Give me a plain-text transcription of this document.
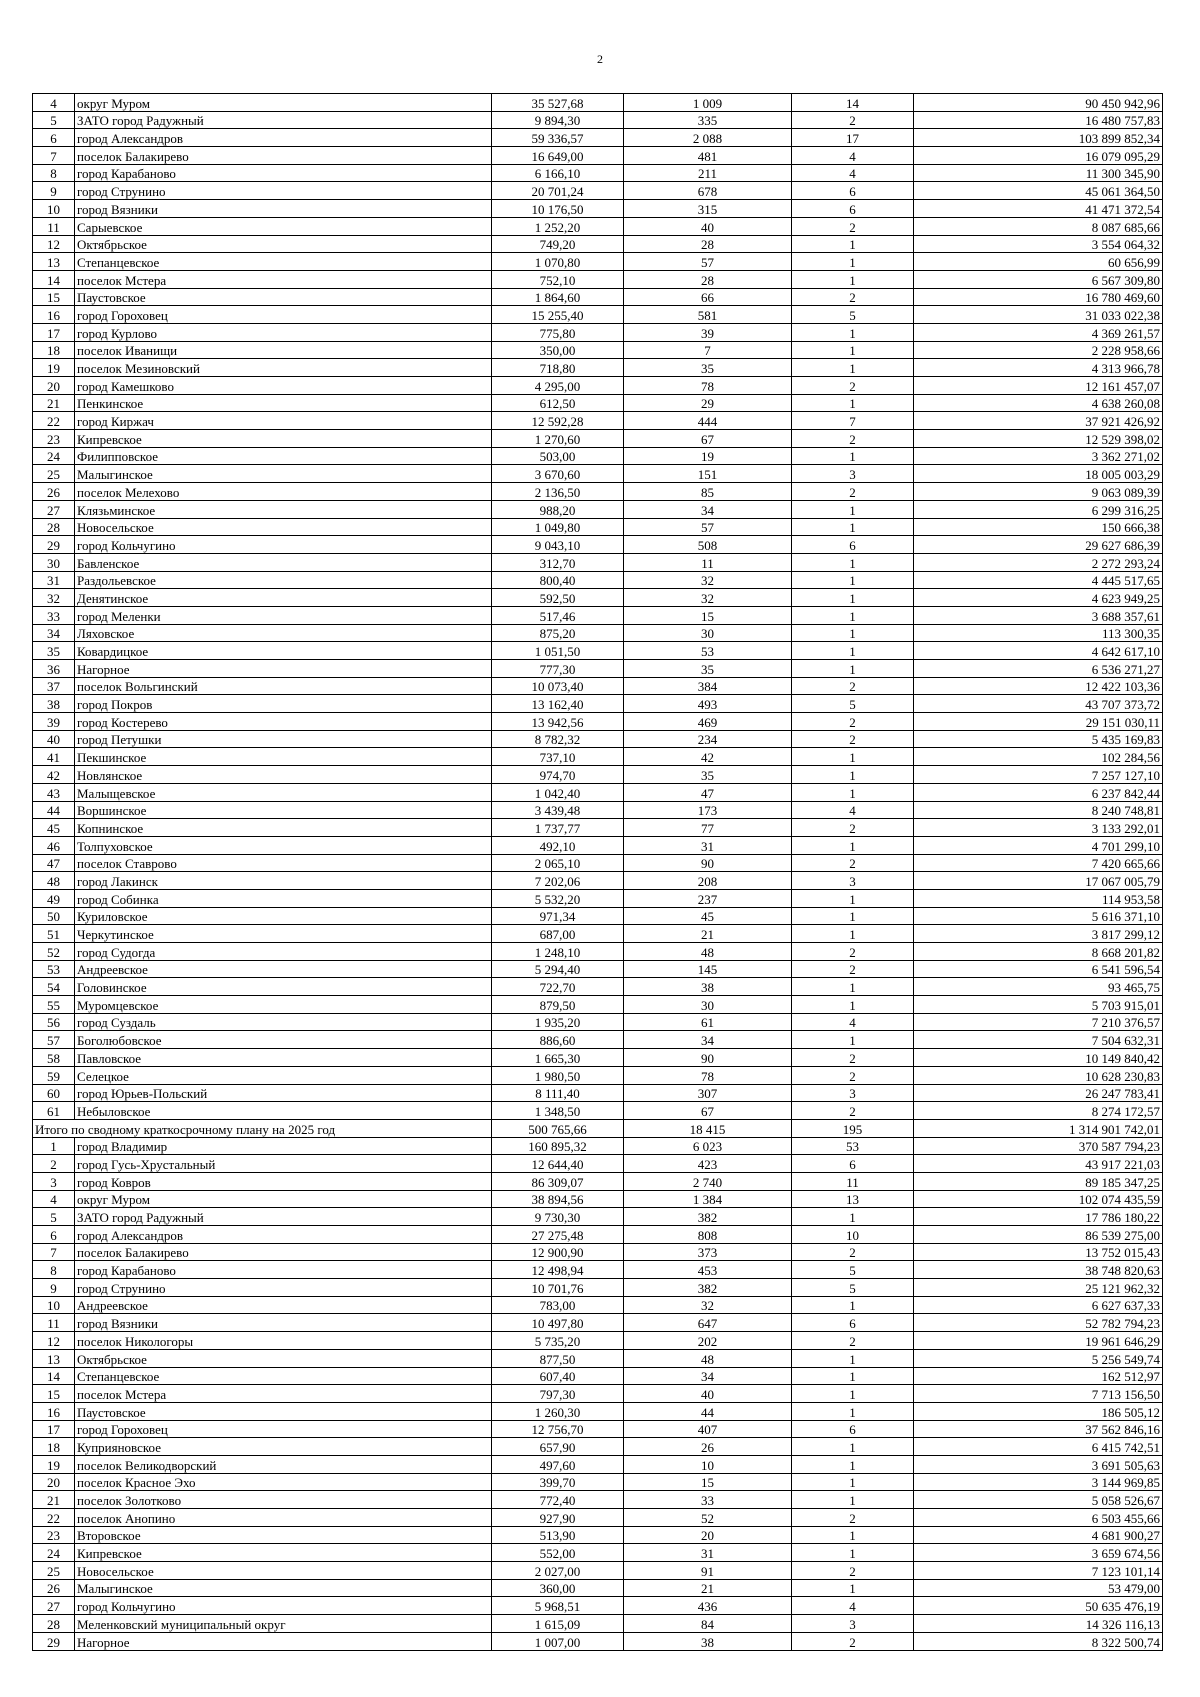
2
4	округ Муром	35 527,68	1 009	14	90 450 942,96
5	ЗАТО город Радужный	9 894,30	335	2	16 480 757,83
6	город Александров	59 336,57	2 088	17	103 899 852,34
7	поселок Балакирево	16 649,00	481	4	16 079 095,29
8	город Карабаново	6 166,10	211	4	11 300 345,90
9	город Струнино	20 701,24	678	6	45 061 364,50
10	город Вязники	10 176,50	315	6	41 471 372,54
11	Сарыевское	1 252,20	40	2	8 087 685,66
12	Октябрьское	749,20	28	1	3 554 064,32
13	Степанцевское	1 070,80	57	1	60 656,99
14	поселок Мстера	752,10	28	1	6 567 309,80
15	Паустовское	1 864,60	66	2	16 780 469,60
16	город Гороховец	15 255,40	581	5	31 033 022,38
17	город Курлово	775,80	39	1	4 369 261,57
18	поселок Иванищи	350,00	7	1	2 228 958,66
19	поселок Мезиновский	718,80	35	1	4 313 966,78
20	город Камешково	4 295,00	78	2	12 161 457,07
21	Пенкинское	612,50	29	1	4 638 260,08
22	город Киржач	12 592,28	444	7	37 921 426,92
23	Кипревское	1 270,60	67	2	12 529 398,02
24	Филипповское	503,00	19	1	3 362 271,02
25	Малыгинское	3 670,60	151	3	18 005 003,29
26	поселок Мелехово	2 136,50	85	2	9 063 089,39
27	Клязьминское	988,20	34	1	6 299 316,25
28	Новосельское	1 049,80	57	1	150 666,38
29	город Кольчугино	9 043,10	508	6	29 627 686,39
30	Бавленское	312,70	11	1	2 272 293,24
31	Раздольевское	800,40	32	1	4 445 517,65
32	Денятинское	592,50	32	1	4 623 949,25
33	город Меленки	517,46	15	1	3 688 357,61
34	Ляховское	875,20	30	1	113 300,35
35	Ковардицкое	1 051,50	53	1	4 642 617,10
36	Нагорное	777,30	35	1	6 536 271,27
37	поселок Вольгинский	10 073,40	384	2	12 422 103,36
38	город Покров	13 162,40	493	5	43 707 373,72
39	город Костерево	13 942,56	469	2	29 151 030,11
40	город Петушки	8 782,32	234	2	5 435 169,83
41	Пекшинское	737,10	42	1	102 284,56
42	Новлянское	974,70	35	1	7 257 127,10
43	Малыщевское	1 042,40	47	1	6 237 842,44
44	Воршинское	3 439,48	173	4	8 240 748,81
45	Копнинское	1 737,77	77	2	3 133 292,01
46	Толпуховское	492,10	31	1	4 701 299,10
47	поселок Ставрово	2 065,10	90	2	7 420 665,66
48	город Лакинск	7 202,06	208	3	17 067 005,79
49	город Собинка	5 532,20	237	1	114 953,58
50	Куриловское	971,34	45	1	5 616 371,10
51	Черкутинское	687,00	21	1	3 817 299,12
52	город Судогда	1 248,10	48	2	8 668 201,82
53	Андреевское	5 294,40	145	2	6 541 596,54
54	Головинское	722,70	38	1	93 465,75
55	Муромцевское	879,50	30	1	5 703 915,01
56	город Суздаль	1 935,20	61	4	7 210 376,57
57	Боголюбовское	886,60	34	1	7 504 632,31
58	Павловское	1 665,30	90	2	10 149 840,42
59	Селецкое	1 980,50	78	2	10 628 230,83
60	город Юрьев-Польский	8 111,40	307	3	26 247 783,41
61	Небыловское	1 348,50	67	2	8 274 172,57
Итого по сводному краткосрочному плану на 2025 год		500 765,66	18 415	195	1 314 901 742,01
1	город Владимир	160 895,32	6 023	53	370 587 794,23
2	город Гусь-Хрустальный	12 644,40	423	6	43 917 221,03
3	город Ковров	86 309,07	2 740	11	89 185 347,25
4	округ Муром	38 894,56	1 384	13	102 074 435,59
5	ЗАТО город Радужный	9 730,30	382	1	17 786 180,22
6	город Александров	27 275,48	808	10	86 539 275,00
7	поселок Балакирево	12 900,90	373	2	13 752 015,43
8	город Карабаново	12 498,94	453	5	38 748 820,63
9	город Струнино	10 701,76	382	5	25 121 962,32
10	Андреевское	783,00	32	1	6 627 637,33
11	город Вязники	10 497,80	647	6	52 782 794,23
12	поселок Никологоры	5 735,20	202	2	19 961 646,29
13	Октябрьское	877,50	48	1	5 256 549,74
14	Степанцевское	607,40	34	1	162 512,97
15	поселок Мстера	797,30	40	1	7 713 156,50
16	Паустовское	1 260,30	44	1	186 505,12
17	город Гороховец	12 756,70	407	6	37 562 846,16
18	Куприяновское	657,90	26	1	6 415 742,51
19	поселок Великодворский	497,60	10	1	3 691 505,63
20	поселок Красное Эхо	399,70	15	1	3 144 969,85
21	поселок Золотково	772,40	33	1	5 058 526,67
22	поселок Анопино	927,90	52	2	6 503 455,66
23	Второвское	513,90	20	1	4 681 900,27
24	Кипревское	552,00	31	1	3 659 674,56
25	Новосельское	2 027,00	91	2	7 123 101,14
26	Малыгинское	360,00	21	1	53 479,00
27	город Кольчугино	5 968,51	436	4	50 635 476,19
28	Меленковский муниципальный округ	1 615,09	84	3	14 326 116,13
29	Нагорное	1 007,00	38	2	8 322 500,74
